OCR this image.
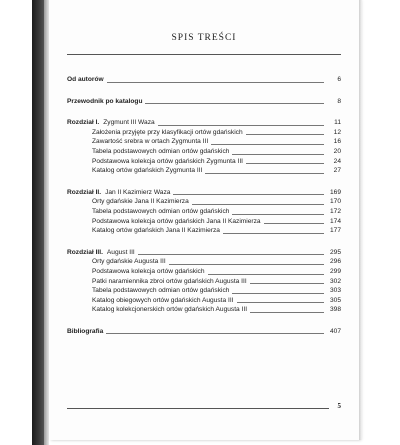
SPIS TREŚCI
Od autorów	6
Przewodnik po katalogu	8
Rozdział I. Zygmunt III Waza	11
Założenia przyjęte przy klasyfikacji ortów gdańskich	12
Zawartość srebra w ortach Zygmunta III	16
Tabela podstawowych odmian ortów gdańskich	20
Podstawowa kolekcja ortów gdańskich Zygmunta III	24
Katalog ortów gdańskich Zygmunta III	27
Rozdział II. Jan II Kazimierz Waza	169
Orty gdańskie Jana II Kazimierza	170
Tabela podstawowych odmian ortów gdańskich	172
Podstawowa kolekcja ortów gdańskich Jana II Kazimierza	174
Katalog ortów gdańskich Jana II Kazimierza	177
Rozdział III. August III	295
Orty gdańskie Augusta III	296
Podstawowa kolekcja ortów gdańskich	299
Patki naramiennika zbroi ortów gdańskich Augusta III	302
Tabela podstawowych odmian ortów gdańskich	303
Katalog obiegowych ortów gdańskich Augusta III	305
Katalog kolekcjonerskich ortów gdańskich Augusta III	398
Bibliografia	407
5
